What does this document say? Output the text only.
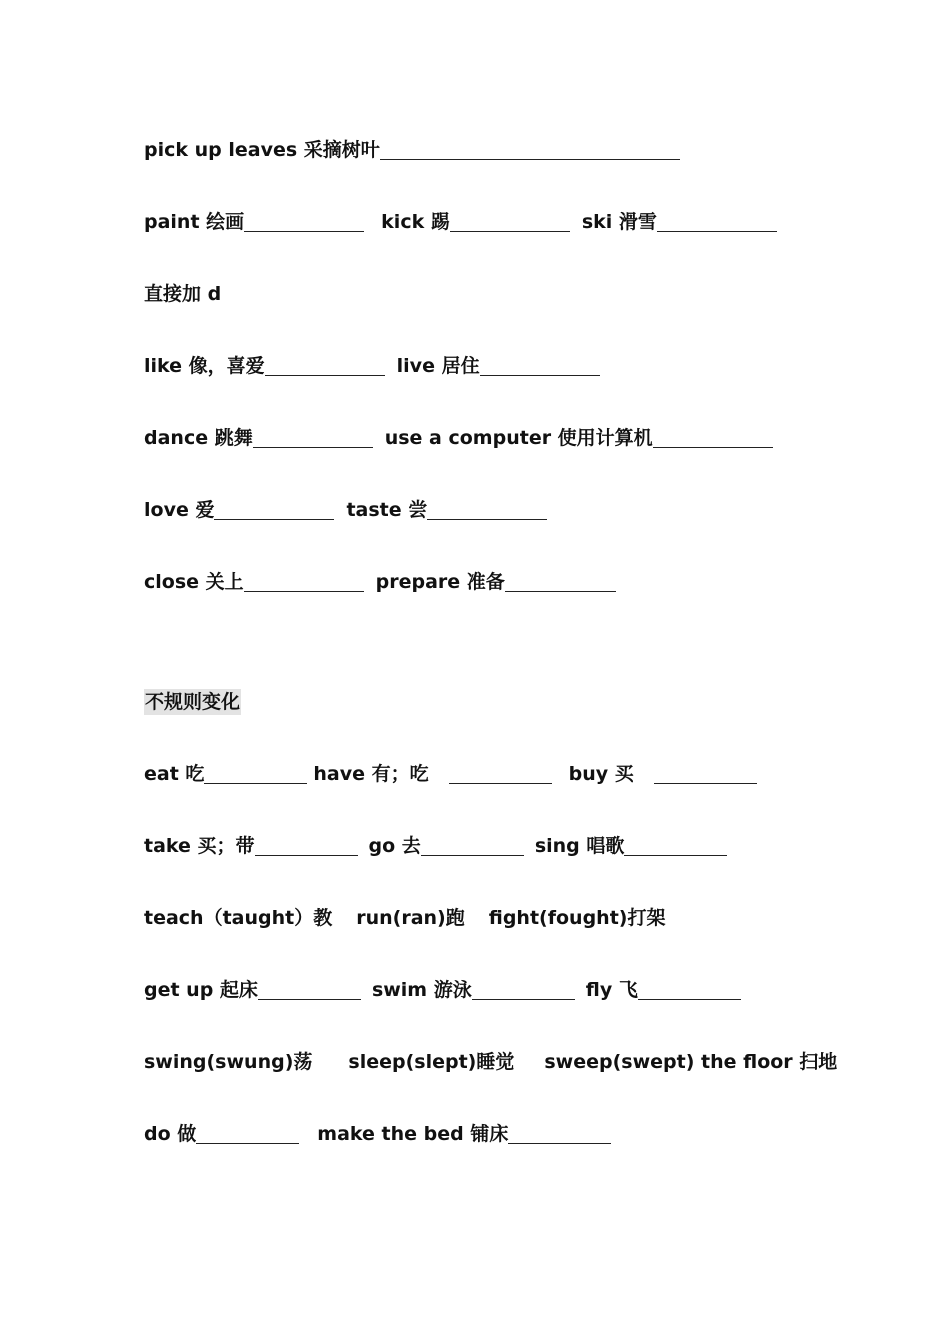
pick up leaves 采摘树叶
paint 绘画	kick 踢	ski 滑雪
直接加 d
like 像，喜爱	live 居住
dance 跳舞	use a computer 使用计算机
love 爱	taste 尝
close 关上	prepare 准备
不规则变化
eat 吃	have 有；吃	buy 买
take 买；带	go 去	sing 唱歌
teach（taught）教 run(ran)跑 fight(fought)打架
get up 起床	swim 游泳	fly 飞
swing(swung)荡 sleep(slept)睡觉 sweep(swept) the floor 扫地
do 做	make the bed 铺床
